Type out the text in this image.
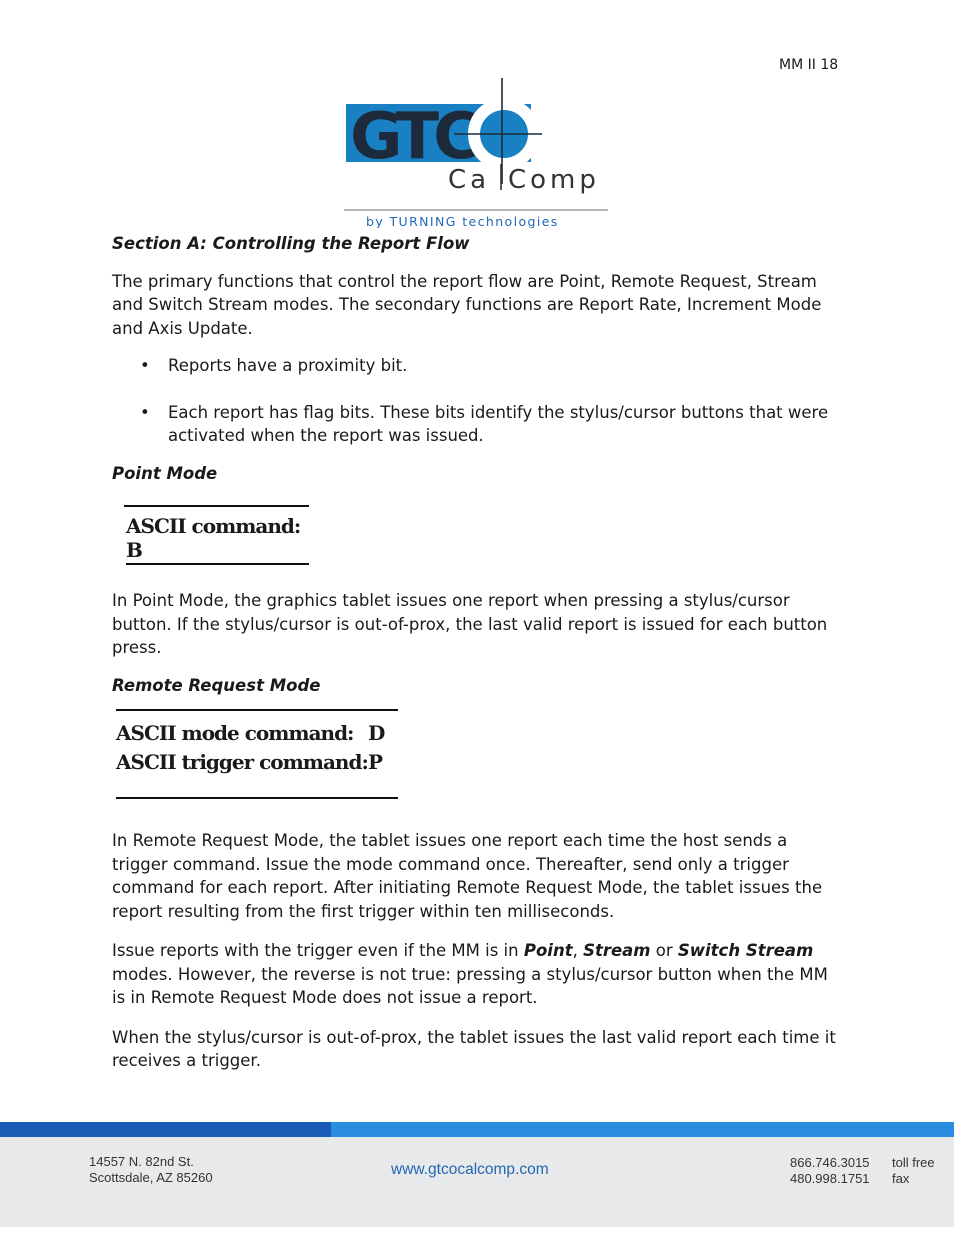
MM II 18
GTC
Ca Comp
by TURNING technologies

Section A: Controlling the Report Flow

The primary functions that control the report flow are Point, Remote Request, Stream and Switch Stream modes. The secondary functions are Report Rate, Increment Mode and Axis Update.

• Reports have a proximity bit.
• Each report has flag bits. These bits identify the stylus/cursor buttons that were activated when the report was issued.

Point Mode

ASCII command: B

In Point Mode, the graphics tablet issues one report when pressing a stylus/cursor button. If the stylus/cursor is out-of-prox, the last valid report is issued for each button press.

Remote Request Mode

ASCII mode command: D
ASCII trigger command: P

In Remote Request Mode, the tablet issues one report each time the host sends a trigger command. Issue the mode command once. Thereafter, send only a trigger command for each report. After initiating Remote Request Mode, the tablet issues the report resulting from the first trigger within ten milliseconds.

Issue reports with the trigger even if the MM is in Point, Stream or Switch Stream modes. However, the reverse is not true: pressing a stylus/cursor button when the MM is in Remote Request Mode does not issue a report.

When the stylus/cursor is out-of-prox, the tablet issues the last valid report each time it receives a trigger.

14557 N. 82nd St.
Scottsdale, AZ 85260	www.gtcocalcomp.com	866.746.3015
480.998.1751
toll free
fax
